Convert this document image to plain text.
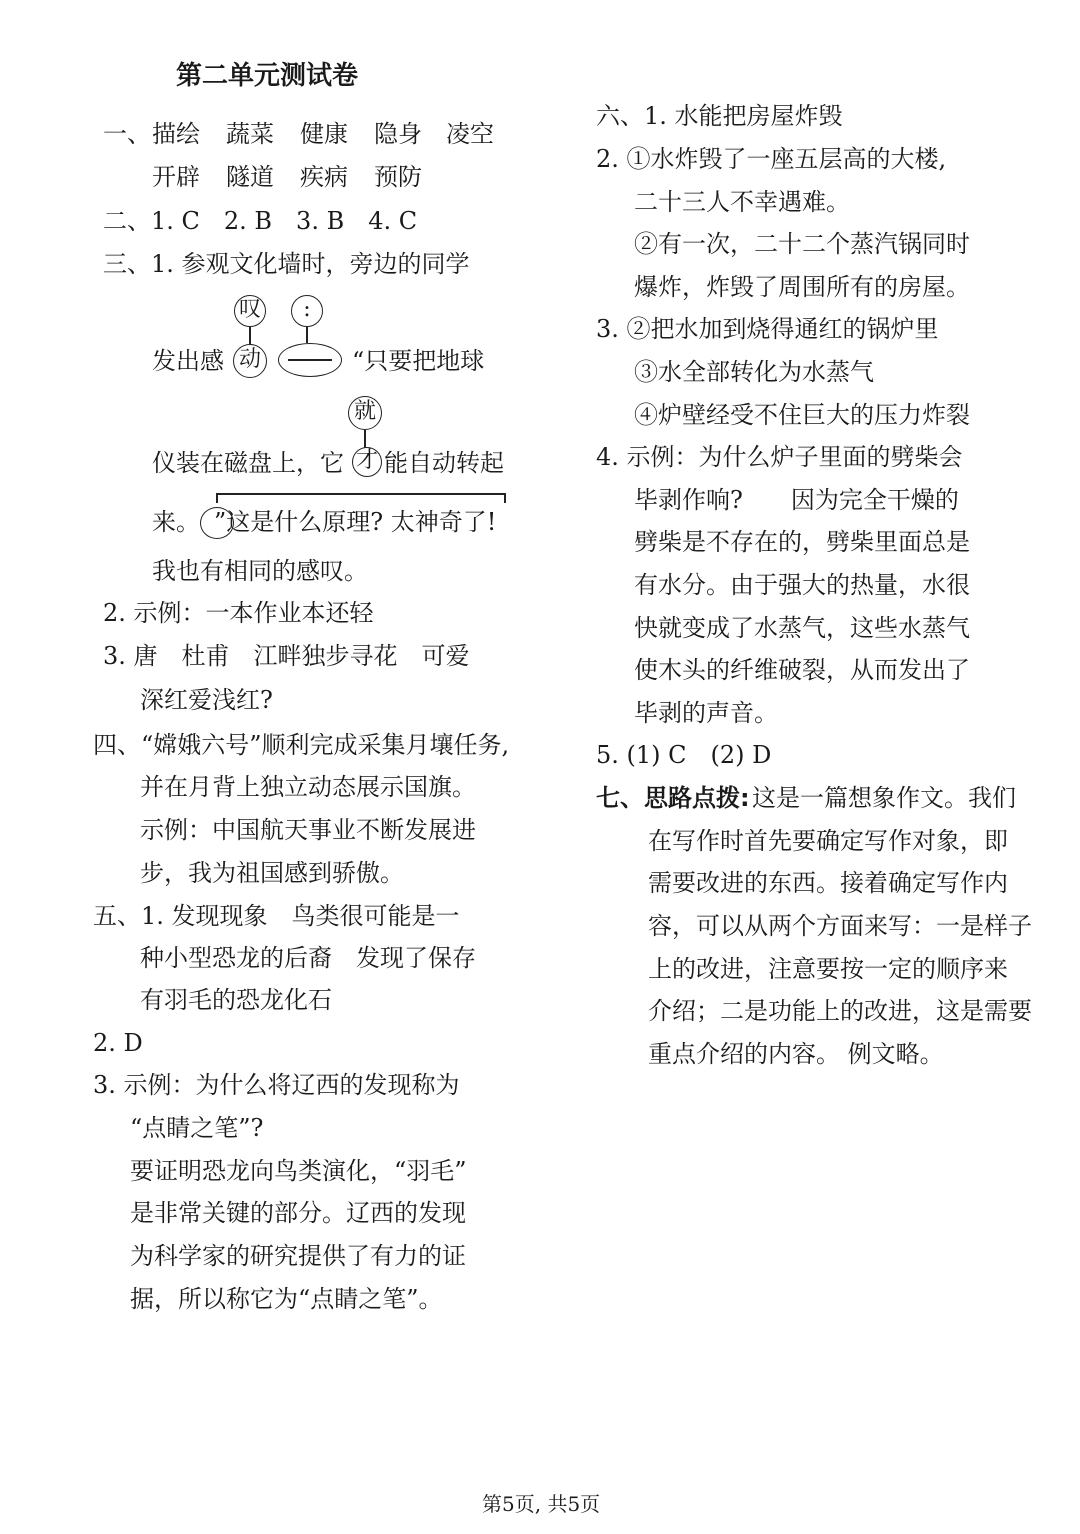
第二单元测试卷
一、 描绘 蔬菜 健康 隐身 凌空
开辟 隧道 疾病 预防
二、1. C　2. B　3. B　4. C
三、1. 参观文化墙时，旁边的同学
叹	:
发出感 动	“只要把地球
就
仪装在磁盘上，它 才 能自动转起
来。 ”这是什么原理? 太神奇了!
我也有相同的感叹。
2. 示例：一本作业本还轻
3. 唐　杜甫　江畔独步寻花　可爱
深红爱浅红?
四、“嫦娥六号”顺利完成采集月壤任务,
并在月背上独立动态展示国旗。
示例：中国航天事业不断发展进
步，我为祖国感到骄傲。
五、1. 发现现象　鸟类很可能是一
种小型恐龙的后裔　发现了保存
有羽毛的恐龙化石
2. D
3. 示例：为什么将辽西的发现称为
“点睛之笔”?
要证明恐龙向鸟类演化，“羽毛”
是非常关键的部分。辽西的发现
为科学家的研究提供了有力的证
据，所以称它为“点睛之笔”。
六、1. 水能把房屋炸毁
2. ①水炸毁了一座五层高的大楼,
二十三人不幸遇难。
②有一次，二十二个蒸汽锅同时
爆炸，炸毁了周围所有的房屋。
3. ②把水加到烧得通红的锅炉里
③水全部转化为水蒸气
④炉壁经受不住巨大的压力炸裂
4. 示例：为什么炉子里面的劈柴会
毕剥作响?　　因为完全干燥的
劈柴是不存在的，劈柴里面总是
有水分。由于强大的热量，水很
快就变成了水蒸气，这些水蒸气
使木头的纤维破裂，从而发出了
毕剥的声音。
5. (1) C　(2) D
七、思路点拨: 这是一篇想象作文。我们
在写作时首先要确定写作对象，即
需要改进的东西。接着确定写作内
容，可以从两个方面来写：一是样子
上的改进，注意要按一定的顺序来
介绍；二是功能上的改进，这是需要
重点介绍的内容。 例文略。
第5页, 共5页
